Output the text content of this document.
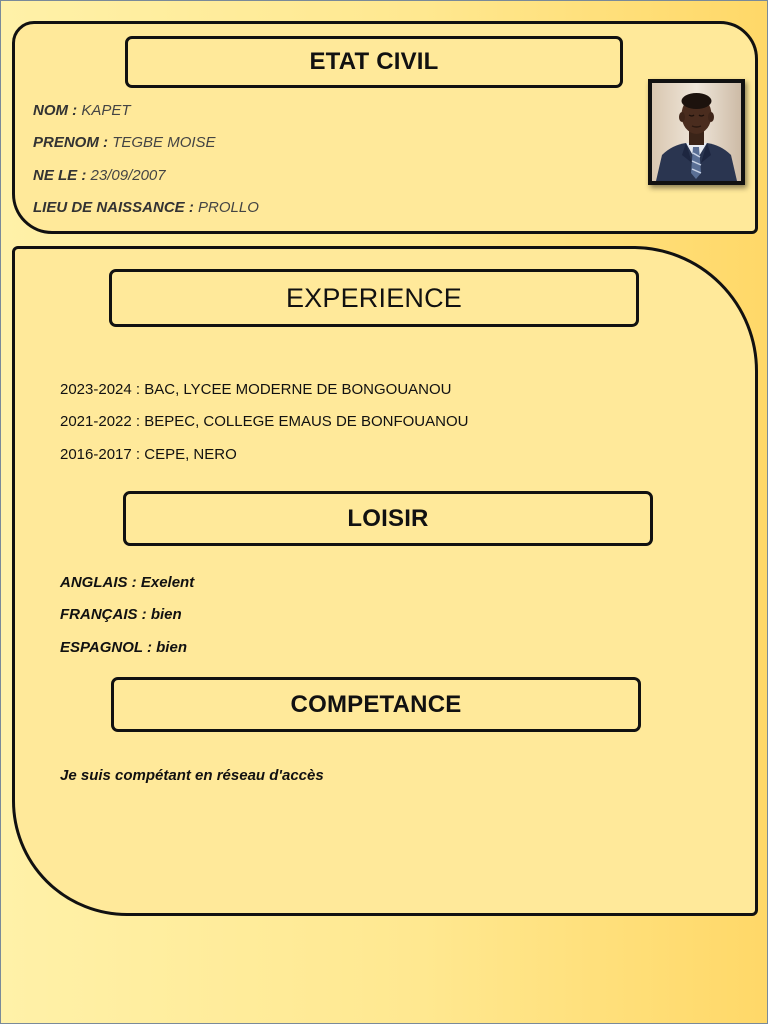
ETAT CIVIL
NOM : KAPET
PRENOM : TEGBE MOISE
NE LE : 23/09/2007
LIEU DE NAISSANCE : PROLLO
EXPERIENCE
2023-2024 : BAC, LYCEE MODERNE DE BONGOUANOU
2021-2022 : BEPEC, COLLEGE EMAUS DE BONFOUANOU
2016-2017 : CEPE, NERO
LOISIR
ANGLAIS : Exelent
FRANÇAIS : bien
ESPAGNOL : bien
COMPETANCE
Je suis compétant en réseau d'accès
